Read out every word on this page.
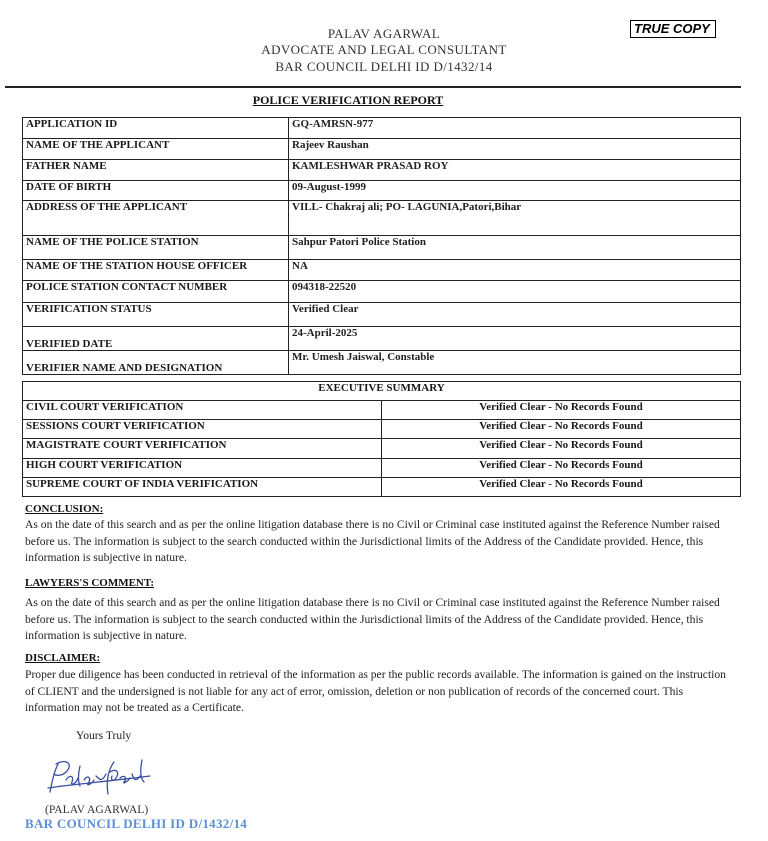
PALAV AGARWAL
ADVOCATE AND LEGAL CONSULTANT
BAR COUNCIL DELHI ID D/1432/14
TRUE COPY
POLICE VERIFICATION REPORT
APPLICATION ID	GQ-AMRSN-977
NAME OF THE APPLICANT	Rajeev Raushan
FATHER NAME	KAMLESHWAR PRASAD ROY
DATE OF BIRTH	09-August-1999
ADDRESS OF THE APPLICANT	VILL- Chakraj ali; PO- LAGUNIA,Patori,Bihar
NAME OF THE POLICE STATION	Sahpur Patori Police Station
NAME OF THE STATION HOUSE OFFICER	NA
POLICE STATION CONTACT NUMBER	094318-22520
VERIFICATION STATUS	Verified Clear
VERIFIED DATE	24-April-2025
VERIFIER NAME AND DESIGNATION	Mr. Umesh Jaiswal, Constable
EXECUTIVE SUMMARY	
CIVIL COURT VERIFICATION	Verified Clear - No Records Found
SESSIONS COURT VERIFICATION	Verified Clear - No Records Found
MAGISTRATE COURT VERIFICATION	Verified Clear - No Records Found
HIGH COURT VERIFICATION	Verified Clear - No Records Found
SUPREME COURT OF INDIA VERIFICATION	Verified Clear - No Records Found
CONCLUSION:
As on the date of this search and as per the online litigation database there is no Civil or Criminal case instituted against the Reference Number raised before us. The information is subject to the search conducted within the Jurisdictional limits of the Address of the Candidate provided. Hence, this information is subjective in nature.
LAWYERS'S COMMENT:
As on the date of this search and as per the online litigation database there is no Civil or Criminal case instituted against the Reference Number raised before us. The information is subject to the search conducted within the Jurisdictional limits of the Address of the Candidate provided. Hence, this information is subjective in nature.
DISCLAIMER:
Proper due diligence has been conducted in retrieval of the information as per the public records available. The information is gained on the instruction of CLIENT and the undersigned is not liable for any act of error, omission, deletion or non publication of records of the concerned court. This information may not be treated as a Certificate.
Yours Truly
(PALAV AGARWAL)
BAR COUNCIL DELHI ID D/1432/14
